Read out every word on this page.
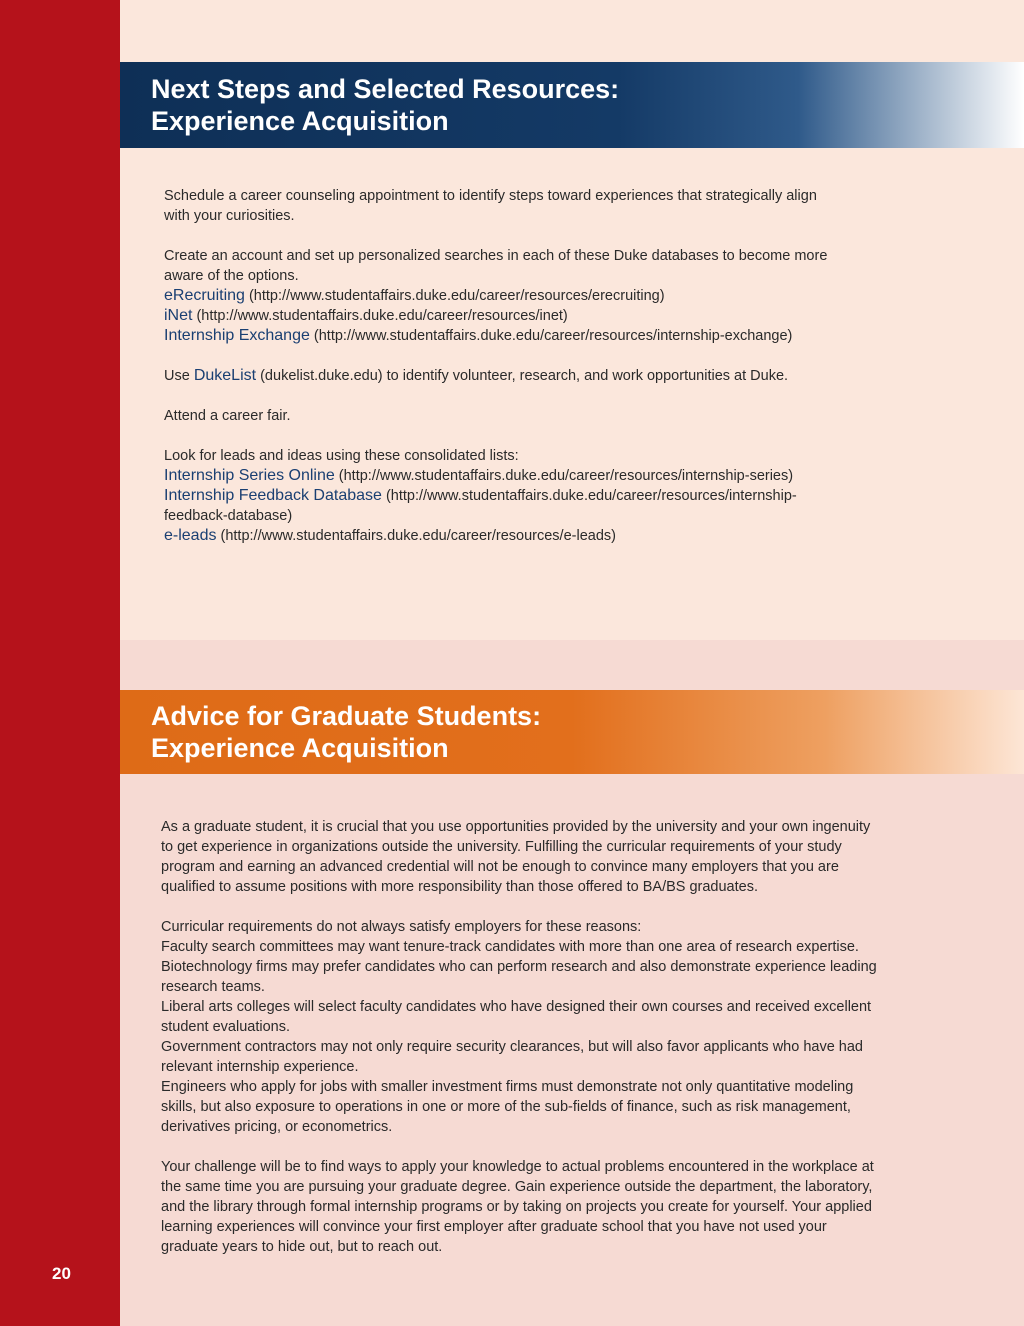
20
Next Steps and Selected Resources:
Experience Acquisition

Schedule a career counseling appointment to identify steps toward experiences that strategically align
with your curiosities.

Create an account and set up personalized searches in each of these Duke databases to become more
aware of the options.
eRecruiting (http://www.studentaffairs.duke.edu/career/resources/erecruiting)
iNet (http://www.studentaffairs.duke.edu/career/resources/inet)
Internship Exchange (http://www.studentaffairs.duke.edu/career/resources/internship-exchange)

Use DukeList (dukelist.duke.edu) to identify volunteer, research, and work opportunities at Duke.

Attend a career fair.

Look for leads and ideas using these consolidated lists:
Internship Series Online (http://www.studentaffairs.duke.edu/career/resources/internship-series)
Internship Feedback Database (http://www.studentaffairs.duke.edu/career/resources/internship-
feedback-database)
e-leads (http://www.studentaffairs.duke.edu/career/resources/e-leads)

Advice for Graduate Students:
Experience Acquisition

As a graduate student, it is crucial that you use opportunities provided by the university and your own ingenuity
to get experience in organizations outside the university. Fulfilling the curricular requirements of your study
program and earning an advanced credential will not be enough to convince many employers that you are
qualified to assume positions with more responsibility than those offered to BA/BS graduates.

Curricular requirements do not always satisfy employers for these reasons:
Faculty search committees may want tenure-track candidates with more than one area of research expertise.
Biotechnology firms may prefer candidates who can perform research and also demonstrate experience leading
research teams.
Liberal arts colleges will select faculty candidates who have designed their own courses and received excellent
student evaluations.
Government contractors may not only require security clearances, but will also favor applicants who have had
relevant internship experience.
Engineers who apply for jobs with smaller investment firms must demonstrate not only quantitative modeling
skills, but also exposure to operations in one or more of the sub-fields of finance, such as risk management,
derivatives pricing, or econometrics.

Your challenge will be to find ways to apply your knowledge to actual problems encountered in the workplace at
the same time you are pursuing your graduate degree. Gain experience outside the department, the laboratory,
and the library through formal internship programs or by taking on projects you create for yourself. Your applied
learning experiences will convince your first employer after graduate school that you have not used your
graduate years to hide out, but to reach out.
